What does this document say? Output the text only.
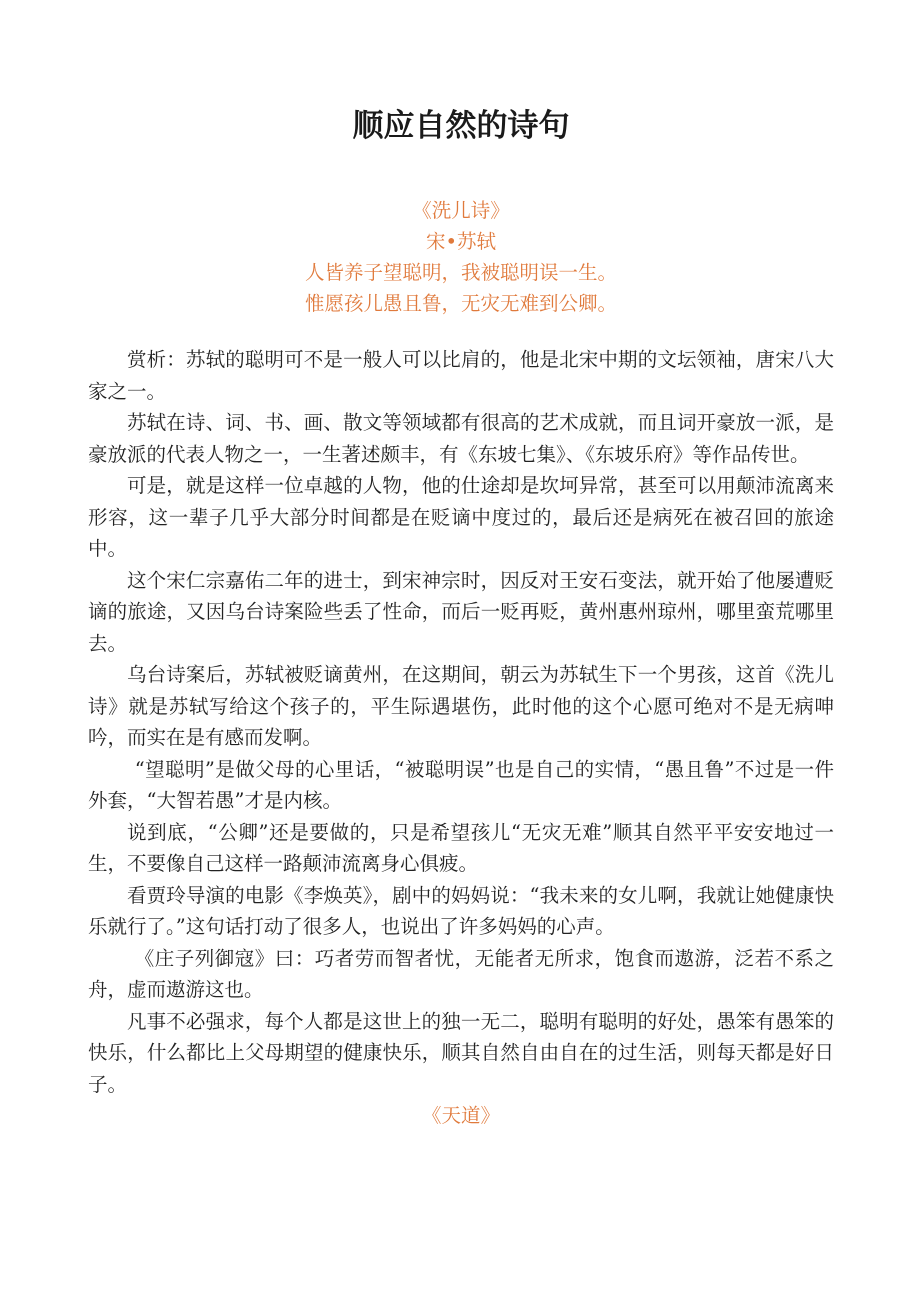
顺应自然的诗句
《洗儿诗》
宋•苏轼
人皆养子望聪明，我被聪明误一生。
惟愿孩儿愚且鲁，无灾无难到公卿。

赏析：苏轼的聪明可不是一般人可以比肩的，他是北宋中期的文坛领袖，唐宋八大家之一。

苏轼在诗、词、书、画、散文等领域都有很高的艺术成就，而且词开豪放一派，是豪放派的代表人物之一，一生著述颇丰，有《东坡七集》、《东坡乐府》等作品传世。

可是，就是这样一位卓越的人物，他的仕途却是坎坷异常，甚至可以用颠沛流离来形容，这一辈子几乎大部分时间都是在贬谪中度过的，最后还是病死在被召回的旅途中。

这个宋仁宗嘉佑二年的进士，到宋神宗时，因反对王安石变法，就开始了他屡遭贬谪的旅途，又因乌台诗案险些丢了性命，而后一贬再贬，黄州惠州琼州，哪里蛮荒哪里去。

乌台诗案后，苏轼被贬谪黄州，在这期间，朝云为苏轼生下一个男孩，这首《洗儿诗》就是苏轼写给这个孩子的，平生际遇堪伤，此时他的这个心愿可绝对不是无病呻吟，而实在是有感而发啊。

“望聪明”是做父母的心里话，“被聪明误”也是自己的实情，“愚且鲁”不过是一件外套，“大智若愚”才是内核。

说到底，“公卿”还是要做的，只是希望孩儿“无灾无难”顺其自然平平安安地过一生，不要像自己这样一路颠沛流离身心俱疲。

看贾玲导演的电影《李焕英》，剧中的妈妈说：“我未来的女儿啊，我就让她健康快乐就行了。”这句话打动了很多人，也说出了许多妈妈的心声。

《庄子列御寇》曰：巧者劳而智者忧，无能者无所求，饱食而遨游，泛若不系之舟，虚而遨游这也。

凡事不必强求，每个人都是这世上的独一无二，聪明有聪明的好处，愚笨有愚笨的快乐，什么都比上父母期望的健康快乐，顺其自然自由自在的过生活，则每天都是好日子。

《天道》
